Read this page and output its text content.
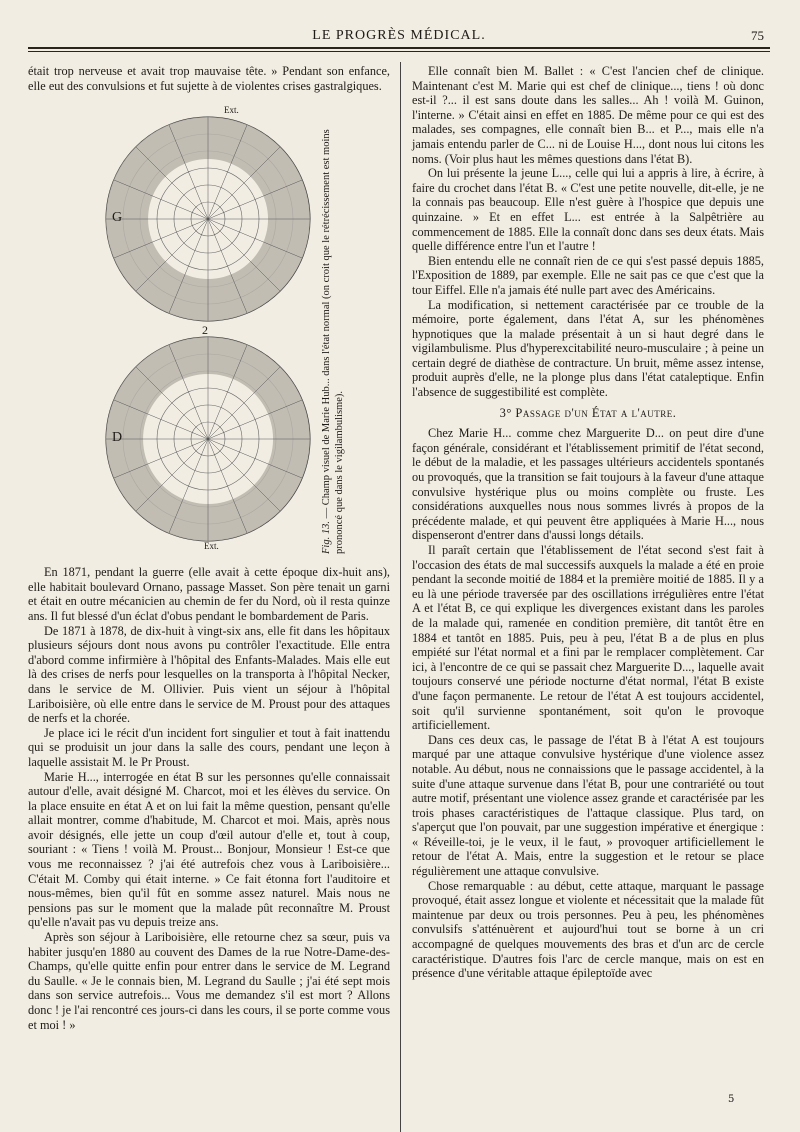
LE PROGRÈS MÉDICAL.	75

était trop nerveuse et avait trop mauvaise tête. » Pendant son enfance, elle eut des convulsions et fut sujette à de violentes crises gastralgiques.

G
D
2
Ext.
Ext.	Fig. 13. — Champ visuel de Marie Hub... dans l'état normal (on croit que le rétrécissement est moins prononcé que dans le vigilambulisme).

En 1871, pendant la guerre (elle avait à cette époque dix-huit ans), elle habitait boulevard Ornano, passage Masset. Son père tenait un garni et était en outre mécanicien au chemin de fer du Nord, où il resta quinze ans. Il fut blessé d'un éclat d'obus pendant le bombardement de Paris.

De 1871 à 1878, de dix-huit à vingt-six ans, elle fit dans les hôpitaux plusieurs séjours dont nous avons pu contrôler l'exactitude. Elle entra d'abord comme infirmière à l'hôpital des Enfants-Malades. Mais elle eut là des crises de nerfs pour lesquelles on la transporta à l'hôpital Necker, dans le service de M. Ollivier. Puis vient un séjour à l'hôpital Lariboisière, où elle entre dans le service de M. Proust pour des attaques de nerfs et la chorée.

Je place ici le récit d'un incident fort singulier et tout à fait inattendu qui se produisit un jour dans la salle des cours, pendant une leçon à laquelle assistait M. le Pr Proust.

Marie H..., interrogée en état B sur les personnes qu'elle connaissait autour d'elle, avait désigné M. Charcot, moi et les élèves du service. On la place ensuite en état A et on lui fait la même question, pensant qu'elle allait montrer, comme d'habitude, M. Charcot et moi. Mais, après nous avoir désignés, elle jette un coup d'œil autour d'elle et, tout à coup, souriant : « Tiens ! voilà M. Proust... Bonjour, Monsieur ! Est-ce que vous me reconnaissez ? j'ai été autrefois chez vous à Lariboisière... C'était M. Comby qui était interne. » Ce fait étonna fort l'auditoire et nous-mêmes, bien qu'il fût en somme assez naturel. Mais nous ne pensions pas sur le moment que la malade pût reconnaître M. Proust qu'elle n'avait pas vu depuis treize ans.

Après son séjour à Lariboisière, elle retourne chez sa sœur, puis va habiter jusqu'en 1880 au couvent des Dames de la rue Notre-Dame-des-Champs, qu'elle quitte enfin pour entrer dans le service de M. Legrand du Saulle. « Je le connais bien, M. Legrand du Saulle ; j'ai été sept mois dans son service autrefois... Vous me demandez s'il est mort ? Allons donc ! je l'ai rencontré ces jours-ci dans les cours, il se porte comme vous et moi ! »

Elle connaît bien M. Ballet : « C'est l'ancien chef de clinique. Maintenant c'est M. Marie qui est chef de clinique..., tiens ! où donc est-il ?... il est sans doute dans les salles... Ah ! voilà M. Guinon, l'interne. » C'était ainsi en effet en 1885. De même pour ce qui est des malades, ses compagnes, elle connaît bien B... et P..., mais elle n'a jamais entendu parler de C... ni de Louise H..., dont nous lui citons les noms. (Voir plus haut les mêmes questions dans l'état B).

On lui présente la jeune L..., celle qui lui a appris à lire, à écrire, à faire du crochet dans l'état B. « C'est une petite nouvelle, dit-elle, je ne la connais pas beaucoup. Elle n'est guère à l'hospice que depuis une quinzaine. » Et en effet L... est entrée à la Salpêtrière au commencement de 1885. Elle la connaît donc dans ses deux états. Mais quelle différence entre l'un et l'autre !

Bien entendu elle ne connaît rien de ce qui s'est passé depuis 1885, l'Exposition de 1889, par exemple. Elle ne sait pas ce que c'est que la tour Eiffel. Elle n'a jamais été nulle part avec des Américains.

La modification, si nettement caractérisée par ce trouble de la mémoire, porte également, dans l'état A, sur les phénomènes hypnotiques que la malade présentait à un si haut degré dans le vigilambulisme. Plus d'hyperexcitabilité neuro-musculaire ; à peine un certain degré de diathèse de contracture. Un bruit, même assez intense, produit auprès d'elle, ne la plonge plus dans l'état cataleptique. Enfin l'absence de suggestibilité est complète.

3° Passage d'un État a l'autre.

Chez Marie H... comme chez Marguerite D... on peut dire d'une façon générale, considérant et l'établissement primitif de l'état second, le début de la maladie, et les passages ultérieurs accidentels spontanés ou provoqués, que la transition se fait toujours à la faveur d'une attaque convulsive hystérique plus ou moins complète ou fruste. Les considérations auxquelles nous nous sommes livrés à propos de la précédente malade, et qui peuvent être appliquées à Marie H..., nous dispenseront d'entrer dans d'aussi longs détails.

Il paraît certain que l'établissement de l'état second s'est fait à l'occasion des états de mal successifs auxquels la malade a été en proie pendant la seconde moitié de 1884 et la première moitié de 1885. Il y a eu là une période traversée par des oscillations irrégulières entre l'état A et l'état B, ce qui explique les divergences existant dans les paroles de la malade qui, ramenée en condition première, dit tantôt être en 1884 et tantôt en 1885. Puis, peu à peu, l'état B a de plus en plus empiété sur l'état normal et a fini par le remplacer complètement. Car ici, à l'encontre de ce qui se passait chez Marguerite D..., laquelle avait toujours conservé une période nocturne d'état normal, l'état B existe d'une façon permanente. Le retour de l'état A est toujours accidentel, soit qu'il survienne spontanément, soit qu'on le provoque artificiellement.

Dans ces deux cas, le passage de l'état B à l'état A est toujours marqué par une attaque convulsive hystérique d'une violence assez notable. Au début, nous ne connaissions que le passage accidentel, à la suite d'une attaque survenue dans l'état B, pour une contrariété ou tout autre motif, présentant une violence assez grande et caractérisée par les trois phases caractéristiques de l'attaque classique. Plus tard, on s'aperçut que l'on pouvait, par une suggestion impérative et énergique : « Réveille-toi, je le veux, il le faut, » provoquer artificiellement le retour de l'état A. Mais, entre la suggestion et le retour se place régulièrement une attaque convulsive.

Chose remarquable : au début, cette attaque, marquant le passage provoqué, était assez longue et violente et nécessitait que la malade fût maintenue par deux ou trois personnes. Peu à peu, les phénomènes convulsifs s'atténuèrent et aujourd'hui tout se borne à un cri accompagné de quelques mouvements des bras et d'un arc de cercle caractéristique. D'autres fois l'arc de cercle manque, mais on est en présence d'une véritable attaque épileptoïde avec

5
